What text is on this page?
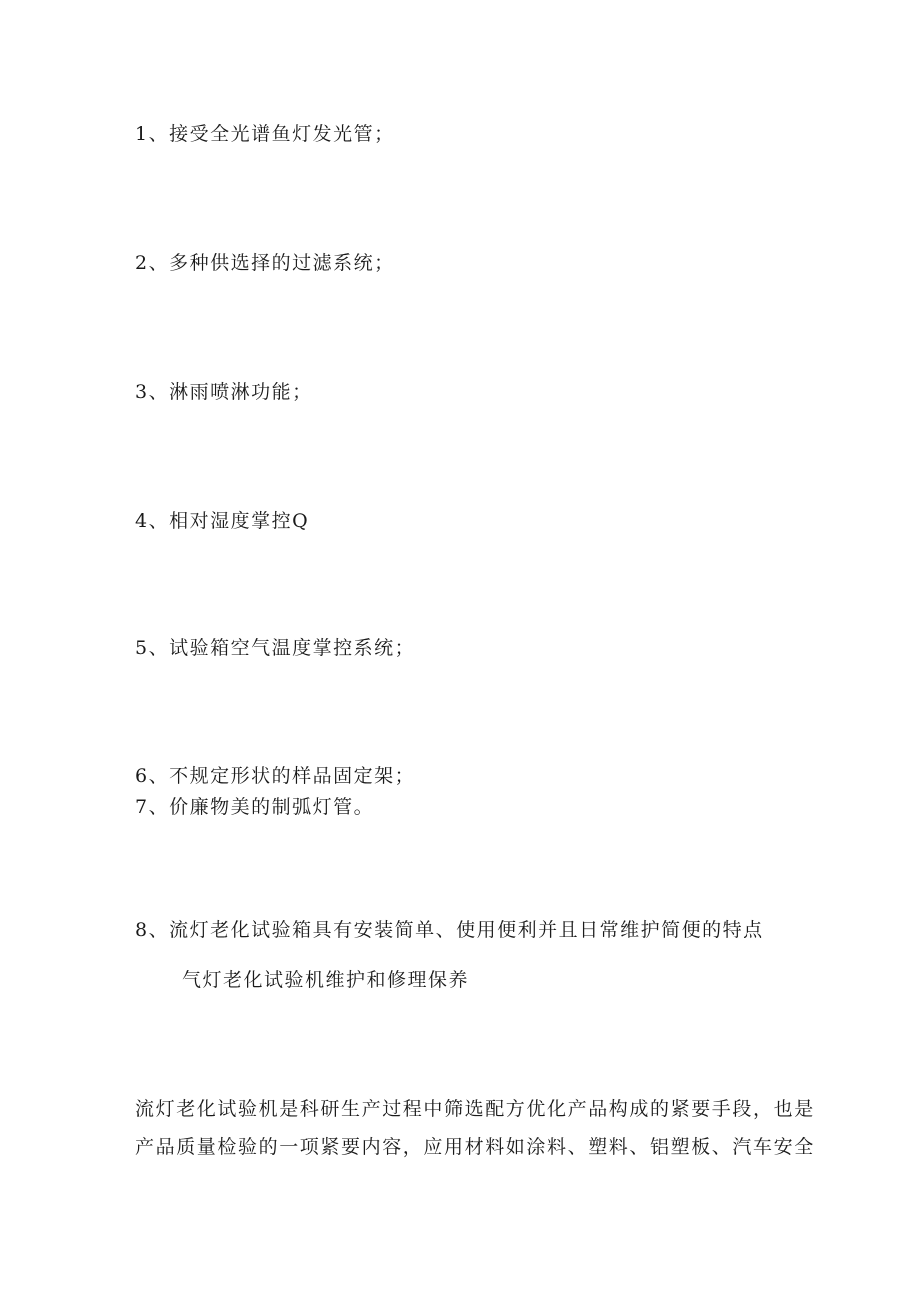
1、接受全光谱鱼灯发光管；
2、多种供选择的过滤系统；
3、淋雨喷淋功能；
4、相对湿度掌控Q
5、试验箱空气温度掌控系统；
6、不规定形状的样品固定架；
7、价廉物美的制弧灯管。
8、流灯老化试验箱具有安装简单、使用便利并且日常维护简便的特点
气灯老化试验机维护和修理保养
流灯老化试验机是科研生产过程中筛选配方优化产品构成的紧要手段，也是
产品质量检验的一项紧要内容，应用材料如涂料、塑料、铝塑板、汽车安全
